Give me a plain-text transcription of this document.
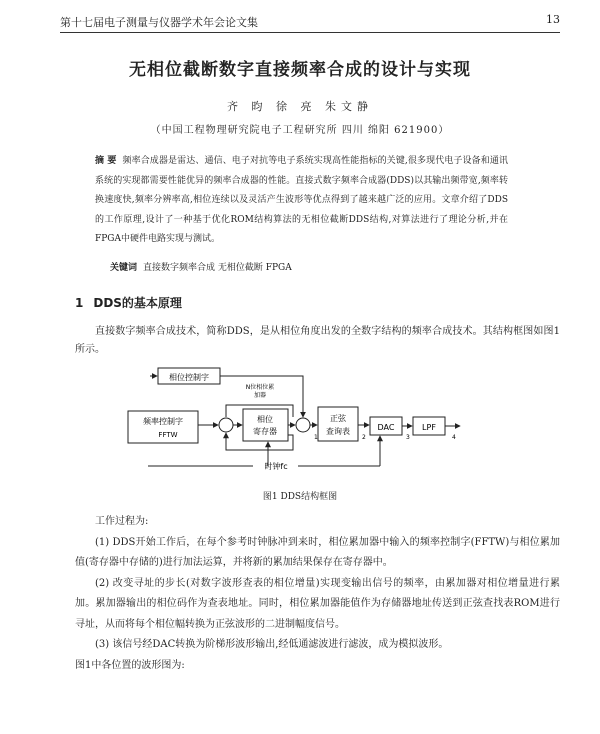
第十七届电子测量与仪器学术年会论文集	13
无相位截断数字直接频率合成的设计与实现
齐 昀 徐 亮 朱文静
（中国工程物理研究院电子工程研究所 四川 绵阳 621900）
摘 要 频率合成器是雷达、通信、电子对抗等电子系统实现高性能指标的关键,很多现代电子设备和通讯系统的实现都需要性能优异的频率合成器的性能。直接式数字频率合成器(DDS)以其输出频带宽,频率转换速度快,频率分辨率高,相位连续以及灵活产生波形等优点得到了越来越广泛的应用。文章介绍了DDS的工作原理,设计了一种基于优化ROM结构算法的无相位截断DDS结构,对算法进行了理论分析,并在FPGA中硬件电路实现与测试。
关键词 直接数字频率合成 无相位截断 FPGA
1 DDS的基本原理
直接数字频率合成技术，简称DDS，是从相位角度出发的全数字结构的频率合成技术。其结构框图如图1所示。
相位控制字
N位相位累
加器
频率控制字
FFTW
相位
寄存器
正弦
查询表	DAC	LPF
时钟fc
1	2	3	4
图1 DDS结构框图

工作过程为:

(1) DDS开始工作后，在每个参考时钟脉冲到来时，相位累加器中输入的频率控制字(FFTW)与相位累加值(寄存器中存储的)进行加法运算，并将新的累加结果保存在寄存器中。

(2) 改变寻址的步长(对数字波形查表的相位增量)实现变输出信号的频率，由累加器对相位增量进行累加。累加器输出的相位码作为查表地址。同时，相位累加器能值作为存储器地址传送到正弦查找表ROM进行寻址，从而将每个相位幅转换为正弦波形的二进制幅度信号。

(3) 该信号经DAC转换为阶梯形波形输出,经低通滤波进行滤波，成为模拟波形。

图1中各位置的波形图为:
